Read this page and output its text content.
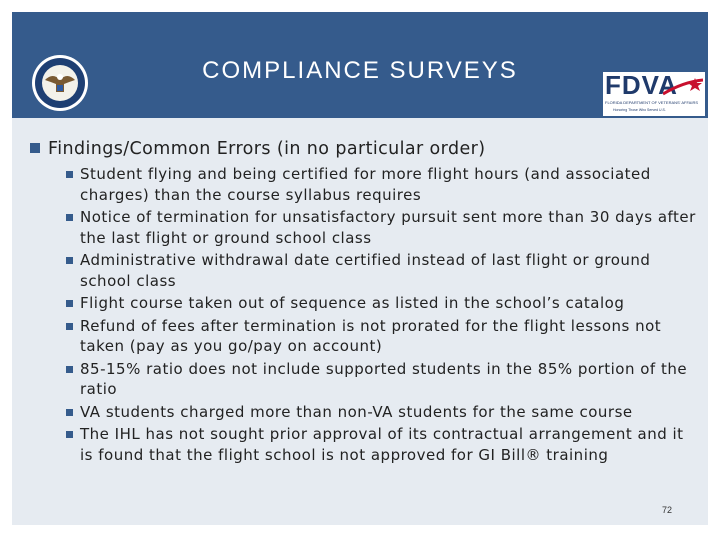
COMPLIANCE SURVEYS	FDVA
FLORIDA DEPARTMENT OF VETERANS' AFFAIRS
Honoring Those Who Served U.S.
Findings/Common Errors (in no particular order)
Student flying and being certified for more flight hours (and associated charges) than the course syllabus requires
Notice of termination for unsatisfactory pursuit sent more than 30 days after the last flight or ground school class
Administrative withdrawal date certified instead of last flight or ground school class
Flight course taken out of sequence as listed in the school’s catalog
Refund of fees after termination is not prorated for the flight lessons not taken (pay as you go/pay on account)
85-15% ratio does not include supported students in the 85% portion of the ratio
VA students charged more than non-VA students for the same course
The IHL has not sought prior approval of its contractual arrangement and it is found that the flight school is not approved for GI Bill® training
72
